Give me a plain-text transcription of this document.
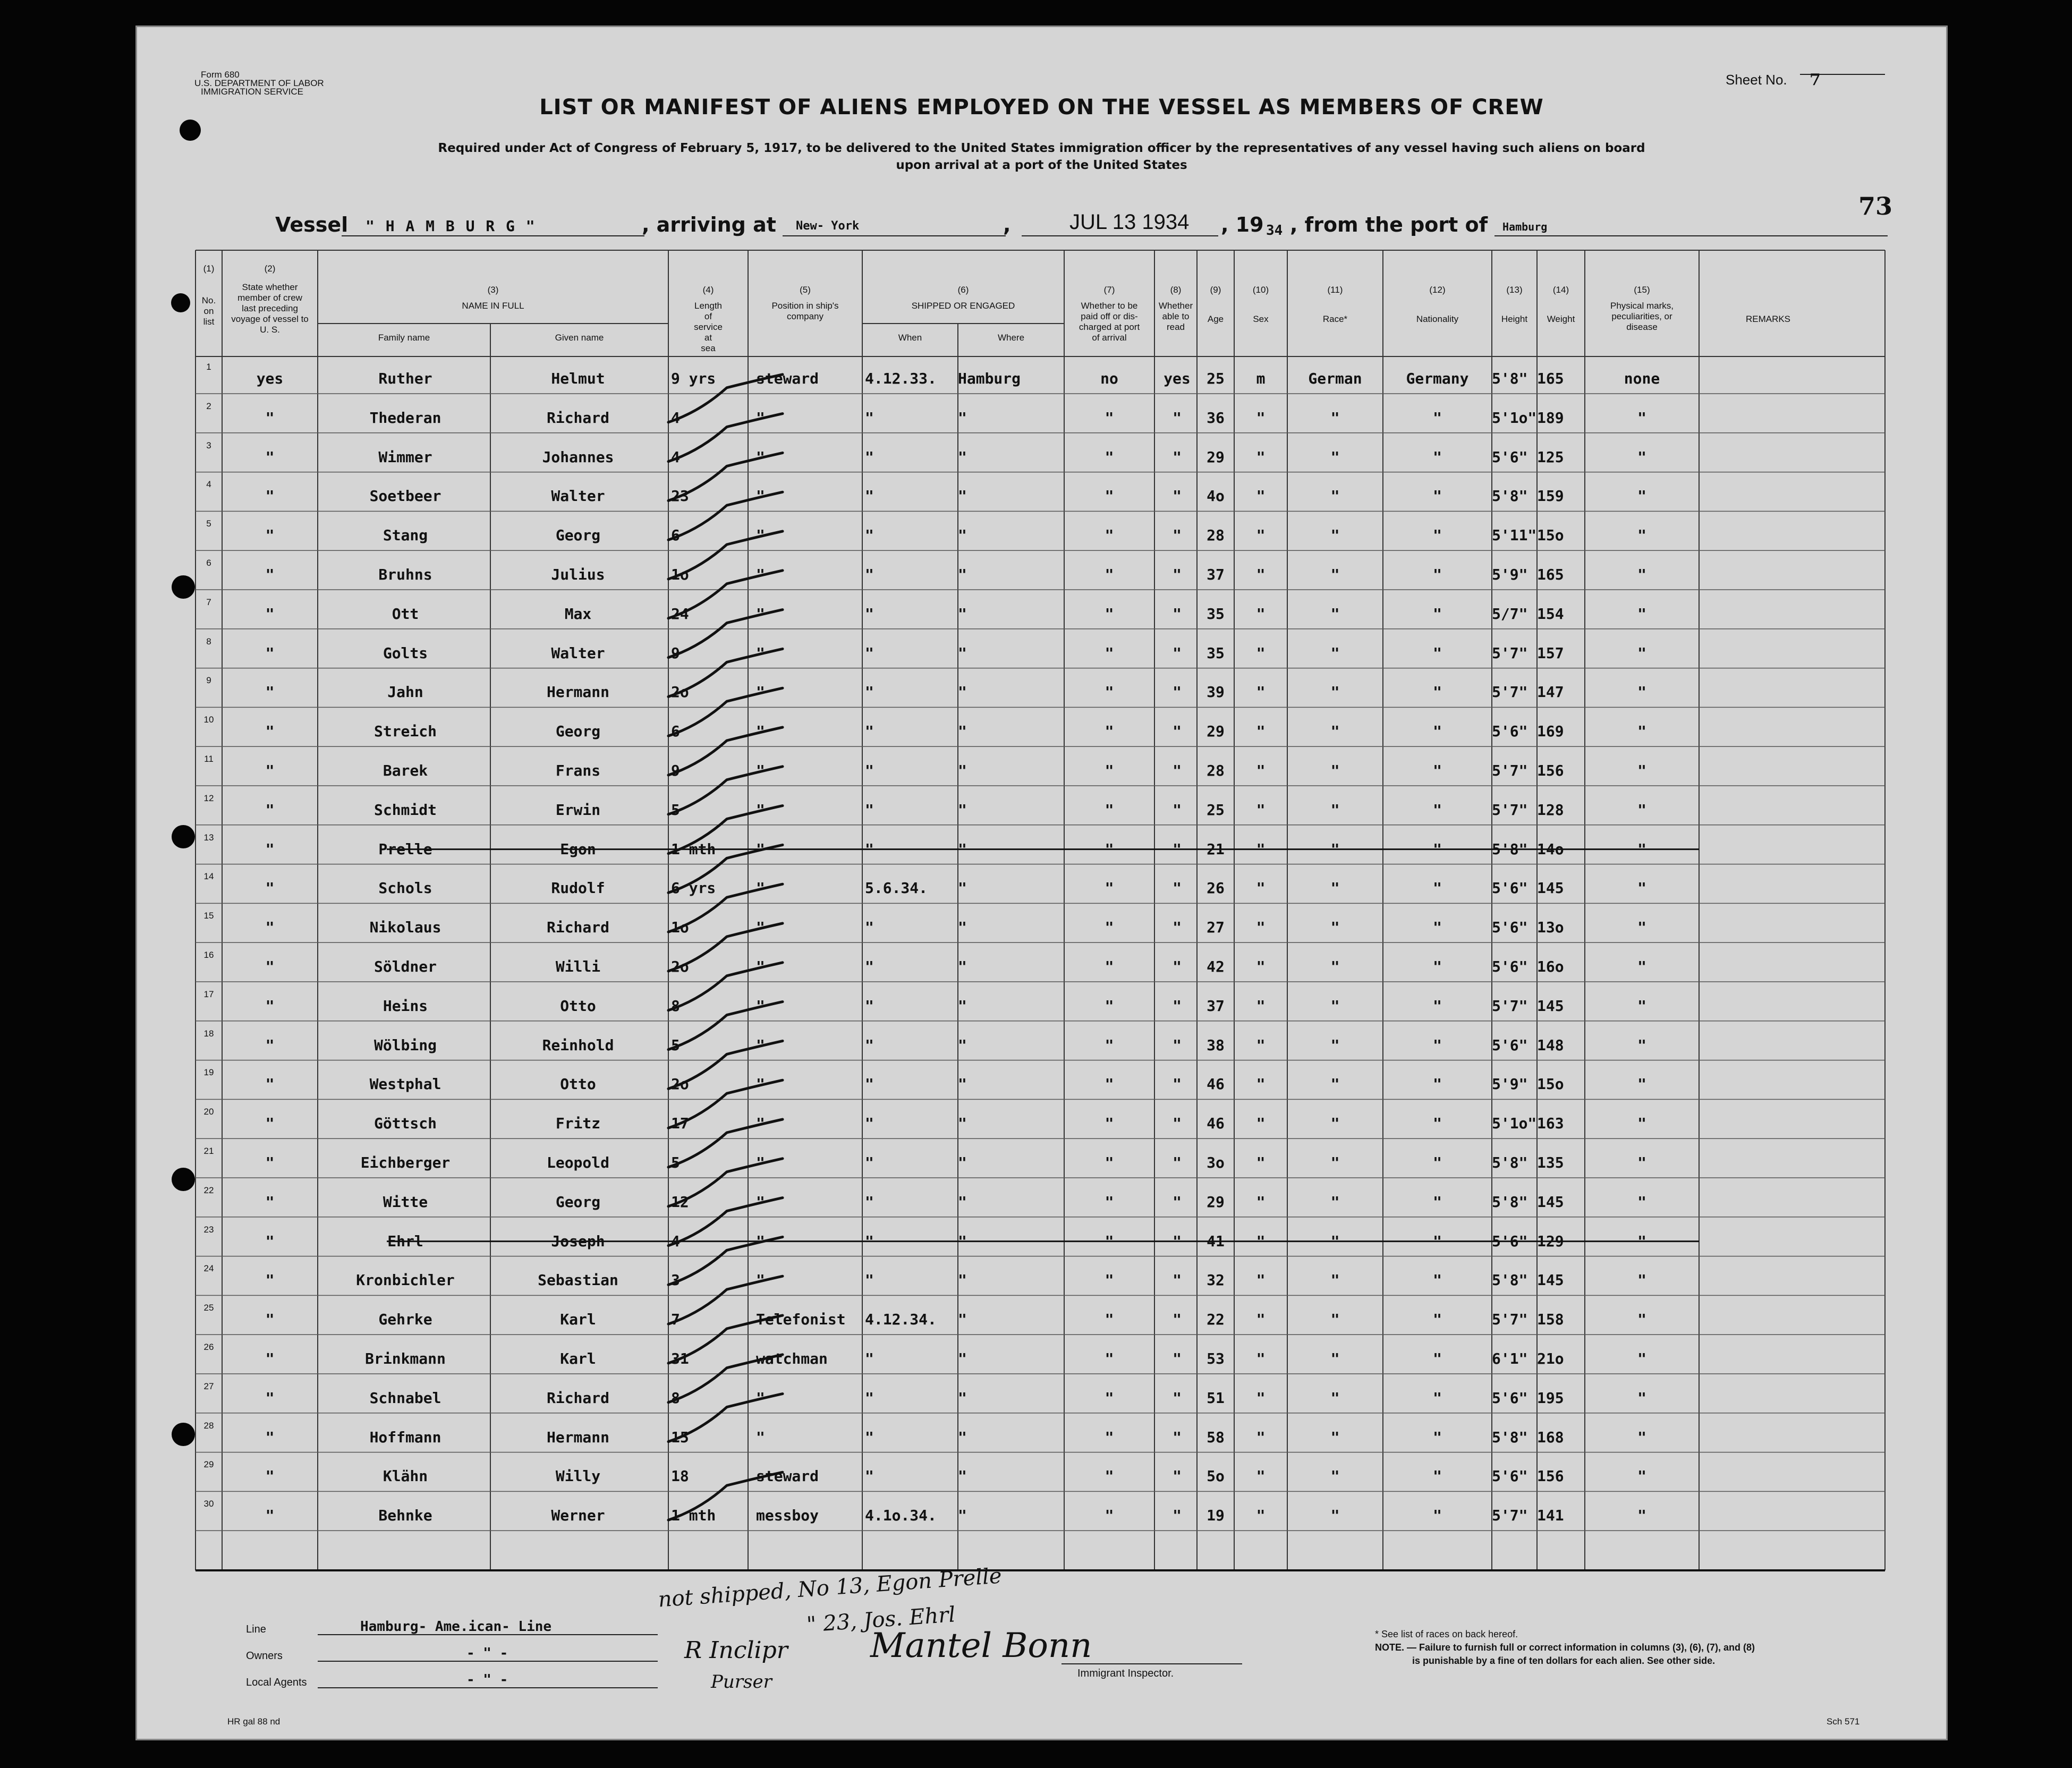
Form 680
U.S. DEPARTMENT OF LABOR
IMMIGRATION SERVICE
Sheet No. 7
73
LIST OR MANIFEST OF ALIENS EMPLOYED ON THE VESSEL AS MEMBERS OF CREW
Required under Act of Congress of February 5, 1917, to be delivered to the United States immigration officer by the representatives of any vessel having such aliens on board
upon arrival at a port of the United States
Vessel " H A M B U R G "	, arriving at New- York	,	JUL 13 1934 , 19 34 , from the port of Hamburg
(1)
No.
on
list
(2)
State whether
member of crew
last preceding
voyage of vessel to
U. S.
(3)
NAME IN FULL
Family name	Given name
(4)
Length
of
service
at
sea
(5)
Position in ship's
company
(6)
SHIPPED OR ENGAGED
When	Where
(7)
Whether to be
paid off or dis-
charged at port
of arrival
(8)
Whether
able to
read
(9)
Age
(10)
Sex
(11)
Race*
(12)
Nationality
(13)
Height
(14)
Weight
(15)
Physical marks,
peculiarities, or
disease
REMARKS
1
yes	Ruther	Helmut	9 yrs	steward	4.12.33.	Hamburg	no	yes	25	m	German	Germany	5'8" 165	none
2
"	Thederan	Richard	4	"	"	"	"	"	36	"	"	"	5'1o" 189	"
3
"	Wimmer	Johannes	4	"	"	"	"	"	29	"	"	"	5'6" 125	"
4
"	Soetbeer	Walter	23	"	"	"	"	"	4o	"	"	"	5'8" 159	"
5
"	Stang	Georg	6	"	"	"	"	"	28	"	"	"	5'11" 15o	"
6
"	Bruhns	Julius	1o	"	"	"	"	"	37	"	"	"	5'9" 165	"
7
"	Ott	Max	24	"	"	"	"	"	35	"	"	"	5/7" 154	"
8
"	Golts	Walter	9	"	"	"	"	"	35	"	"	"	5'7" 157	"
9
"	Jahn	Hermann	2o	"	"	"	"	"	39	"	"	"	5'7" 147	"
10
"	Streich	Georg	6	"	"	"	"	"	29	"	"	"	5'6" 169	"
11
"	Barek	Frans	9	"	"	"	"	"	28	"	"	"	5'7" 156	"
12
"	Schmidt	Erwin	5	"	"	"	"	"	25	"	"	"	5'7" 128	"
13
"	Prelle	Egon	1 mth	"	"	"	"	"	21	"	"	"	5'8" 14o	"
14
"	Schols	Rudolf	6 yrs	"	5.6.34.	"	"	"	26	"	"	"	5'6" 145	"
15
"	Nikolaus	Richard	1o	"	"	"	"	"	27	"	"	"	5'6" 13o	"
16
"	Söldner	Willi	2o	"	"	"	"	"	42	"	"	"	5'6" 16o	"
17
"	Heins	Otto	8	"	"	"	"	"	37	"	"	"	5'7" 145	"
18
"	Wölbing	Reinhold	5	"	"	"	"	"	38	"	"	"	5'6" 148	"
19
"	Westphal	Otto	2o	"	"	"	"	"	46	"	"	"	5'9" 15o	"
20
"	Göttsch	Fritz	17	"	"	"	"	"	46	"	"	"	5'1o" 163	"
21
"	Eichberger	Leopold	5	"	"	"	"	"	3o	"	"	"	5'8" 135	"
22
"	Witte	Georg	12	"	"	"	"	"	29	"	"	"	5'8" 145	"
23
"	Ehrl	Joseph	4	"	"	"	"	"	41	"	"	"	5'6" 129	"
24
"	Kronbichler	Sebastian	3	"	"	"	"	"	32	"	"	"	5'8" 145	"
25
"	Gehrke	Karl	7	Telefonist	4.12.34.	"	"	"	22	"	"	"	5'7" 158	"
26
"	Brinkmann	Karl	31	watchman	"	"	"	"	53	"	"	"	6'1" 21o	"
27
"	Schnabel	Richard	8	"	"	"	"	"	51	"	"	"	5'6" 195	"
28
"	Hoffmann	Hermann	15	"	"	"	"	"	58	"	"	"	5'8" 168	"
29
"	Klähn	Willy	18	steward	"	"	"	"	5o	"	"	"	5'6" 156	"
30
"	Behnke	Werner	1 mth	messboy	4.1o.34.	"	"	"	19	"	"	"	5'7" 141	"
not shipped, No 13, Egon Prelle
" 23, Jos. Ehrl
Line	Hamburg- Ame.ican- Line
Owners	- " -
Local Agents	- " -
R Inclipr
Purser
Mantel Bonn
Immigrant Inspector.
* See list of races on back hereof.
NOTE. — Failure to furnish full or correct information in columns (3), (6), (7), and (8)
is punishable by a fine of ten dollars for each alien. See other side.
HR gal 88 nd	Sch 571
